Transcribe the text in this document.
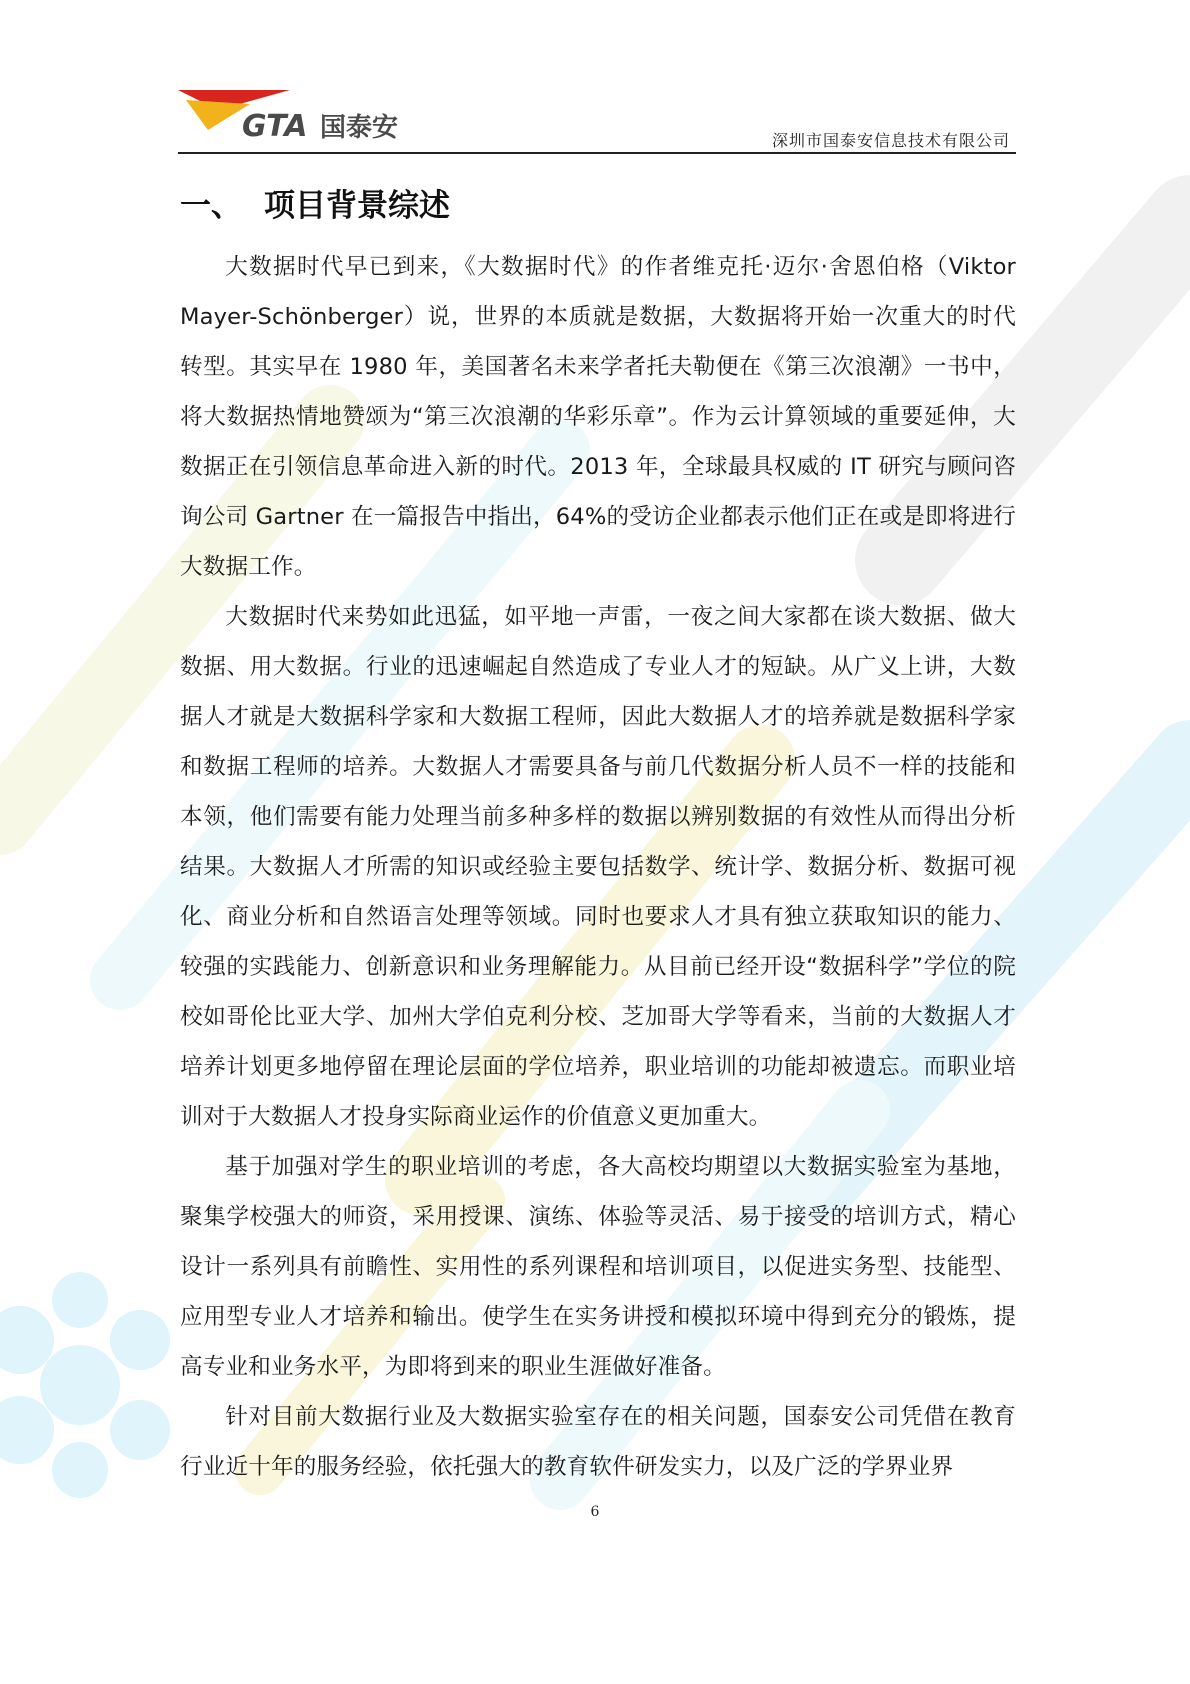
GTA 国泰安	深圳市国泰安信息技术有限公司
一、 项目背景综述

大数据时代早已到来，《大数据时代》的作者维克托·迈尔·舍恩伯格（Viktor Mayer-Schönberger）说，世界的本质就是数据，大数据将开始一次重大的时代转型。其实早在 1980 年，美国著名未来学者托夫勒便在《第三次浪潮》一书中，将大数据热情地赞颂为“第三次浪潮的华彩乐章”。作为云计算领域的重要延伸，大数据正在引领信息革命进入新的时代。2013 年，全球最具权威的 IT 研究与顾问咨询公司 Gartner 在一篇报告中指出，64%的受访企业都表示他们正在或是即将进行大数据工作。

大数据时代来势如此迅猛，如平地一声雷，一夜之间大家都在谈大数据、做大数据、用大数据。行业的迅速崛起自然造成了专业人才的短缺。从广义上讲，大数据人才就是大数据科学家和大数据工程师，因此大数据人才的培养就是数据科学家和数据工程师的培养。大数据人才需要具备与前几代数据分析人员不一样的技能和本领，他们需要有能力处理当前多种多样的数据以辨别数据的有效性从而得出分析结果。大数据人才所需的知识或经验主要包括数学、统计学、数据分析、数据可视化、商业分析和自然语言处理等领域。同时也要求人才具有独立获取知识的能力、较强的实践能力、创新意识和业务理解能力。从目前已经开设“数据科学”学位的院校如哥伦比亚大学、加州大学伯克利分校、芝加哥大学等看来，当前的大数据人才培养计划更多地停留在理论层面的学位培养，职业培训的功能却被遗忘。而职业培训对于大数据人才投身实际商业运作的价值意义更加重大。

基于加强对学生的职业培训的考虑，各大高校均期望以大数据实验室为基地，聚集学校强大的师资，采用授课、演练、体验等灵活、易于接受的培训方式，精心设计一系列具有前瞻性、实用性的系列课程和培训项目，以促进实务型、技能型、应用型专业人才培养和输出。使学生在实务讲授和模拟环境中得到充分的锻炼，提高专业和业务水平，为即将到来的职业生涯做好准备。

针对目前大数据行业及大数据实验室存在的相关问题，国泰安公司凭借在教育行业近十年的服务经验，依托强大的教育软件研发实力，以及广泛的学界业界

6
